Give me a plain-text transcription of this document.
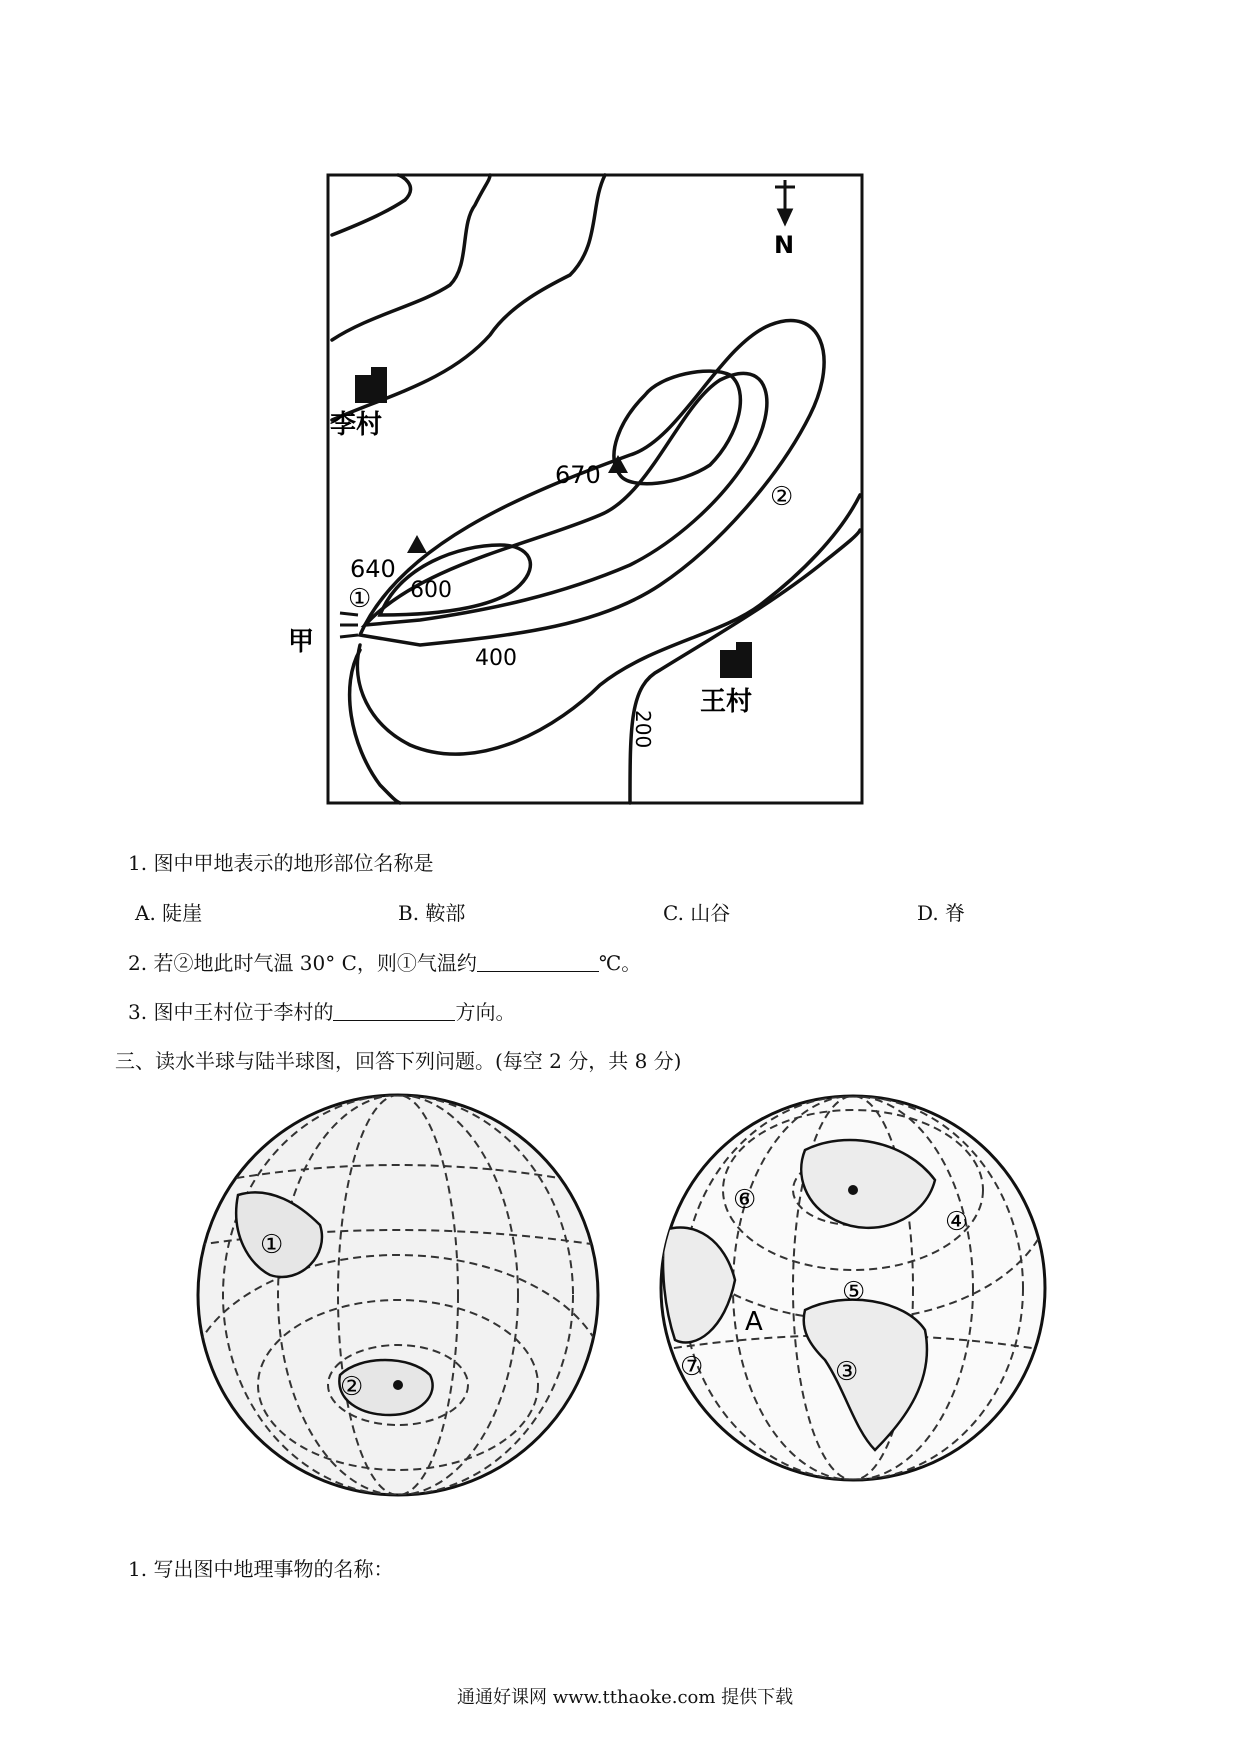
N
李村
王村
甲
640
670
600
400
200
①
②
1. 图中甲地表示的地形部位名称是
A. 陡崖	B. 鞍部	C. 山谷	D. 脊
2. 若②地此时气温 30° C，则①气温约	℃。
3. 图中王村位于李村的	方向。
三、读水半球与陆半球图，回答下列问题。(每空 2 分，共 8 分)
①
②	③
④
⑤
⑥
⑦
A
1. 写出图中地理事物的名称：
通通好课网 www.tthaoke.com 提供下载
